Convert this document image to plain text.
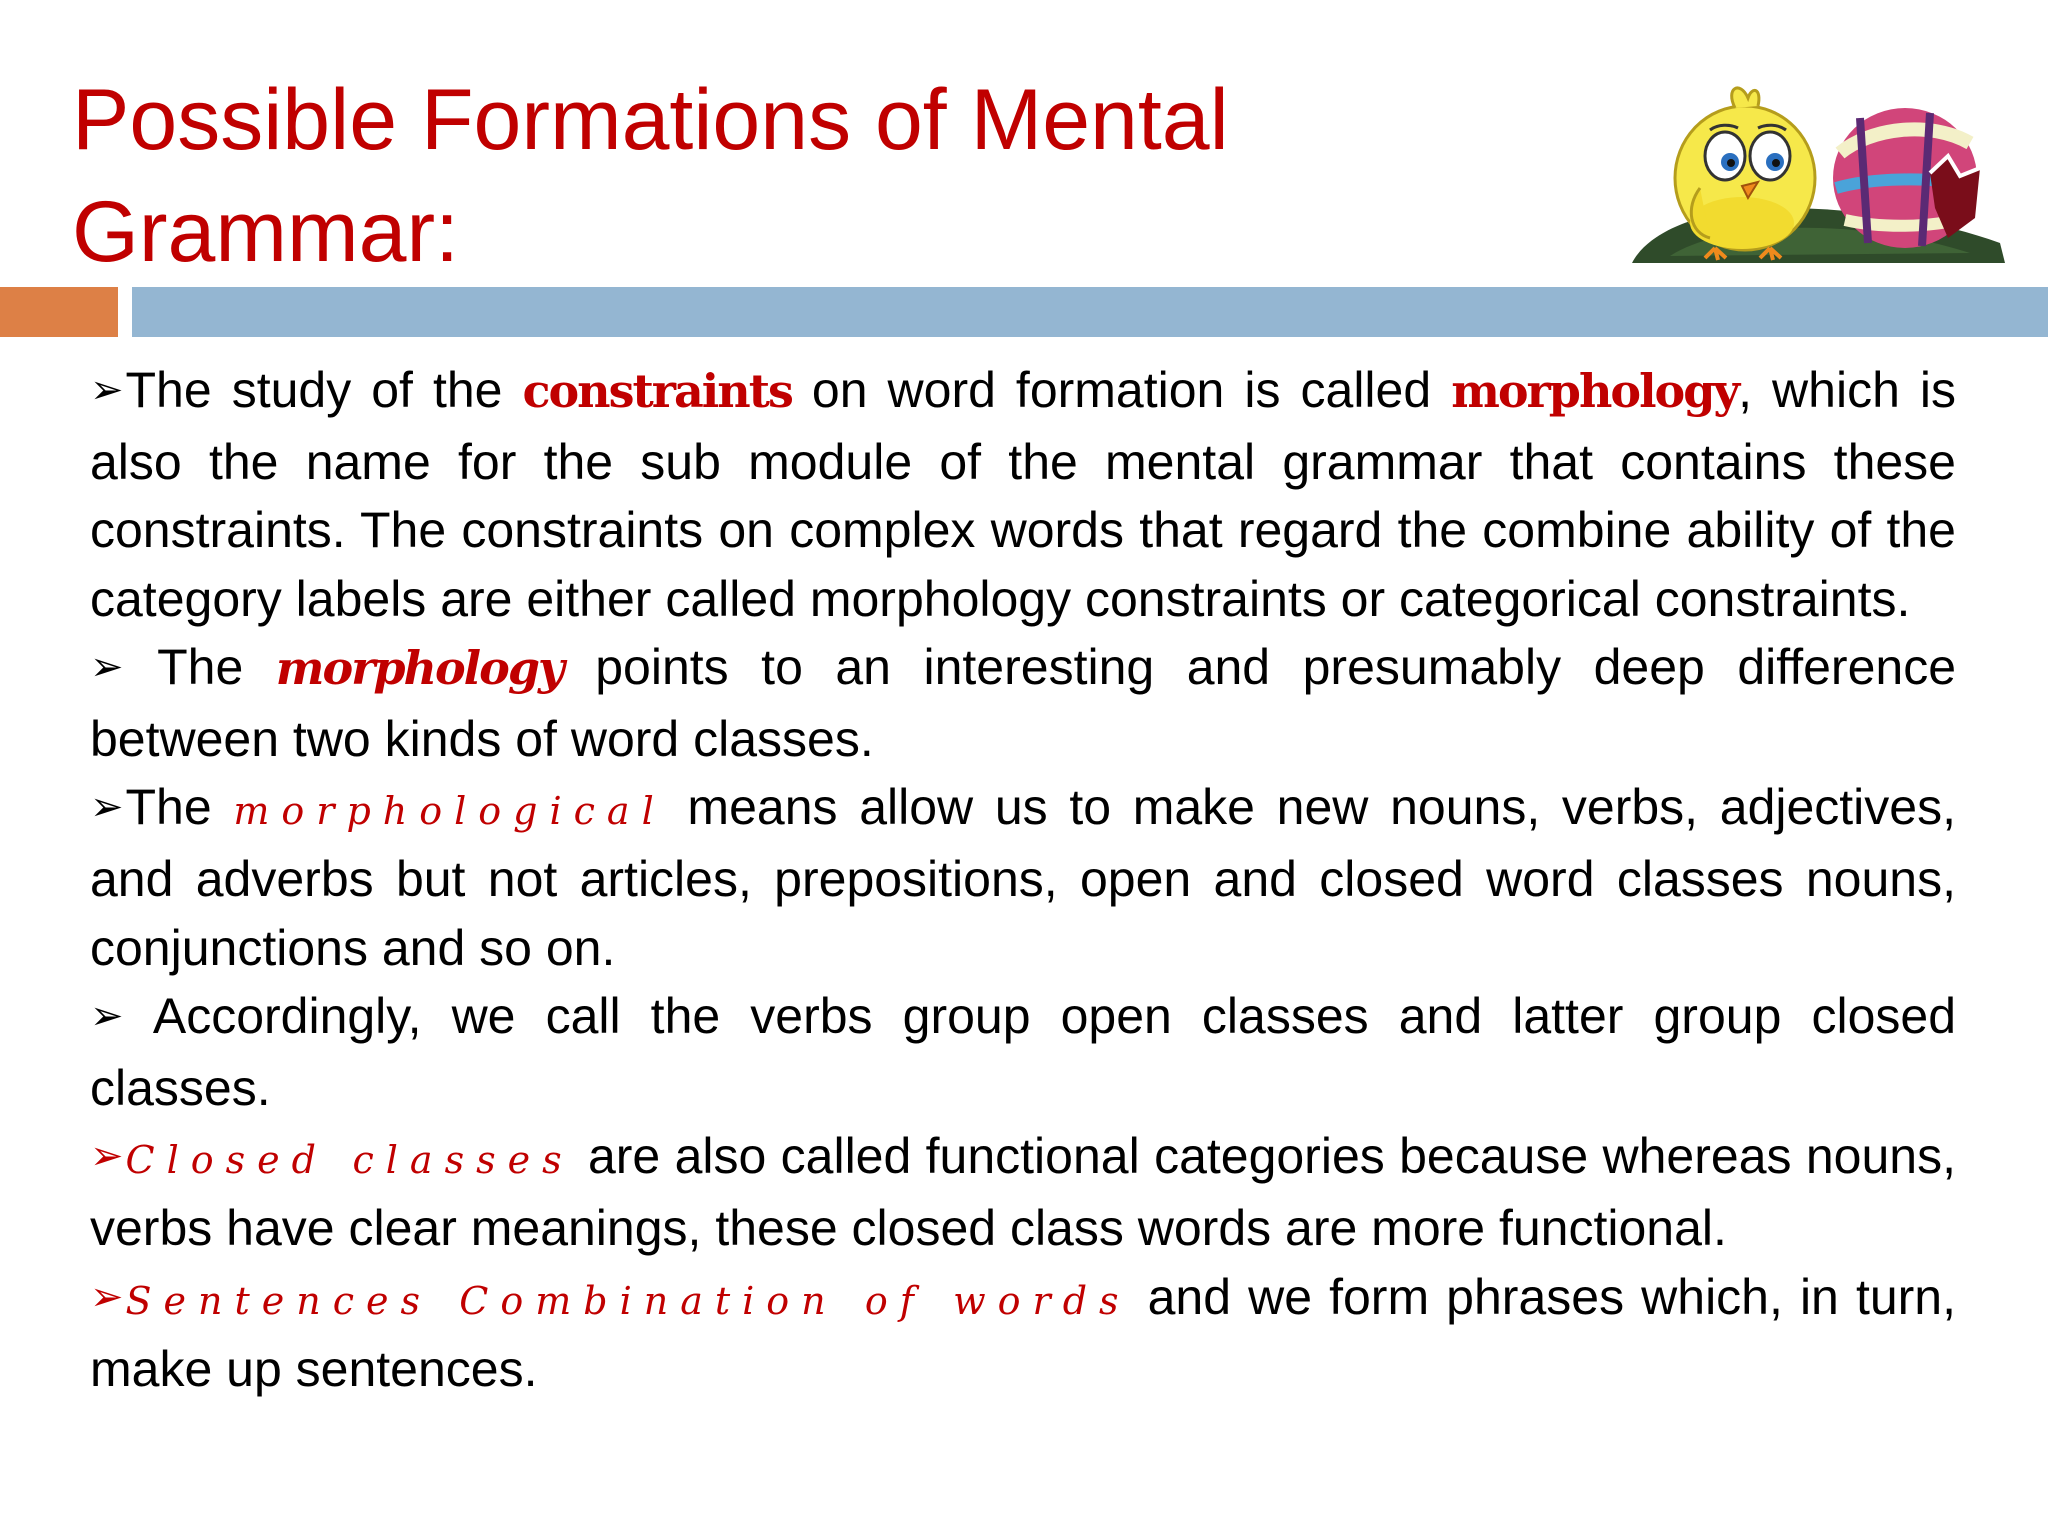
Possible Formations of Mental
Grammar:

➢The study of the constraints on word formation is called morphology, which is also the name for the sub module of the mental grammar that contains these constraints. The constraints on complex words that regard the combine ability of the category labels are either called morphology constraints or categorical constraints.

➢ The morphology points to an interesting and presumably deep difference between two kinds of word classes.

➢The morphological means allow us to make new nouns, verbs, adjectives, and adverbs but not articles, prepositions, open and closed word classes nouns, conjunctions and so on.

➢ Accordingly, we call the verbs group open classes and latter group closed classes.

➢Closed classes are also called functional categories because whereas nouns, verbs have clear meanings, these closed class words are more functional.

➢Sentences Combination of words and we form phrases which, in turn, make up sentences.
